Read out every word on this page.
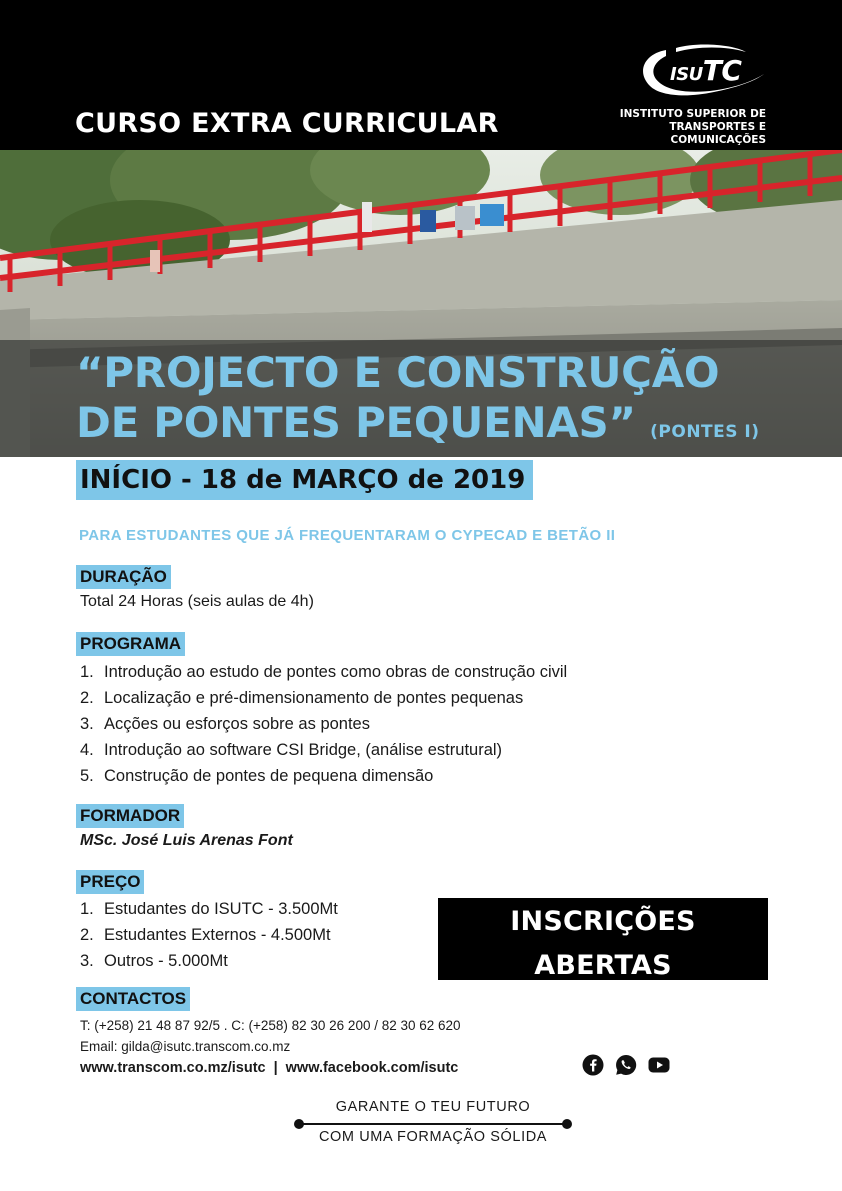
CURSO EXTRA CURRICULAR
ISUTC
INSTITUTO SUPERIOR DE
TRANSPORTES E COMUNICAÇÕES
“PROJECTO E CONSTRUÇÃO
DE PONTES PEQUENAS” (PONTES I)
INÍCIO - 18 de MARÇO de 2019
PARA ESTUDANTES QUE JÁ FREQUENTARAM O CYPECAD E BETÃO II
DURAÇÃO
Total 24 Horas (seis aulas de 4h)
PROGRAMA
1. Introdução ao estudo de pontes como obras de construção civil
2. Localização e pré-dimensionamento de pontes pequenas
3. Acções ou esforços sobre as pontes
4. Introdução ao software CSI Bridge, (análise estrutural)
5. Construção de pontes de pequena dimensão
FORMADOR
MSc. José Luis Arenas Font
PREÇO
1. Estudantes do ISUTC - 3.500Mt
2. Estudantes Externos - 4.500Mt
3. Outros - 5.000Mt
INSCRIÇÕES ABERTAS
NA SECRETARIA ACADÉMICA
CONTACTOS
T: (+258) 21 48 87 92/5 . C: (+258) 82 30 26 200 / 82 30 62 620
Email: gilda@isutc.transcom.co.mz
www.transcom.co.mz/isutc | www.facebook.com/isutc
GARANTE O TEU FUTURO
COM UMA FORMAÇÃO SÓLIDA
